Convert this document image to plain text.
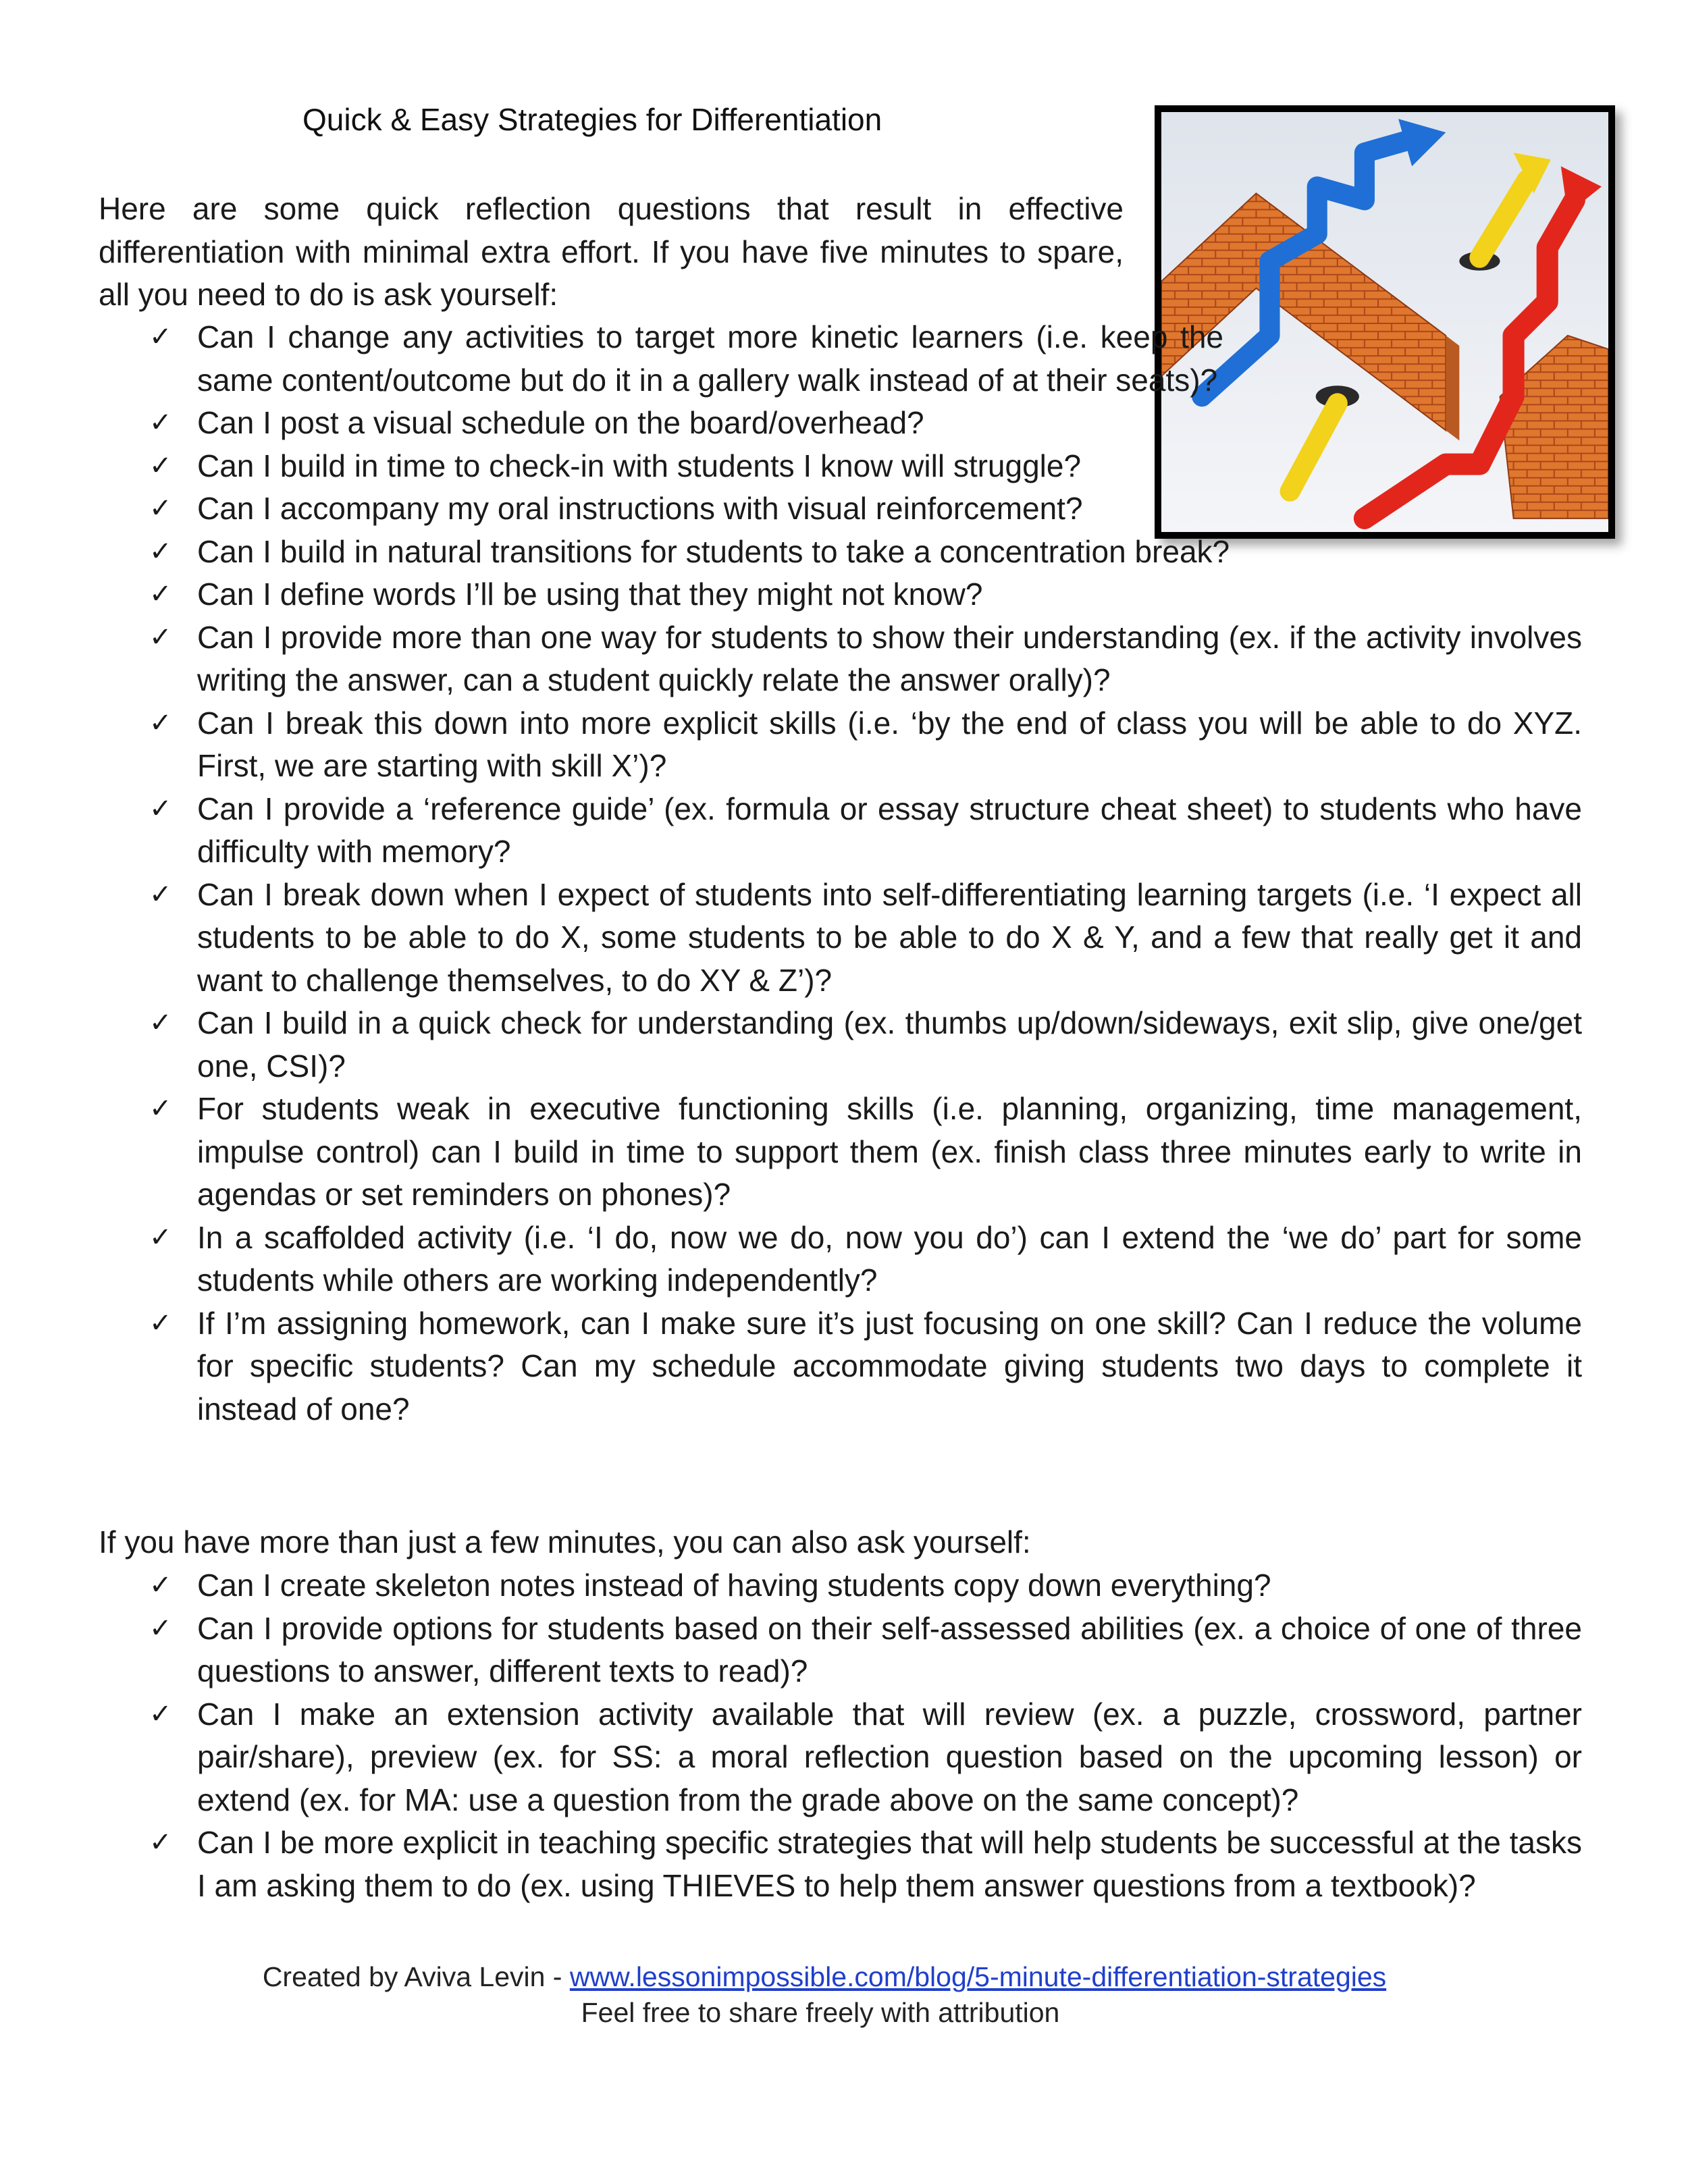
Quick & Easy Strategies for Differentiation

Here are some quick reflection questions that result in effective differentiation with minimal extra effort. If you have five minutes to spare, all you need to do is ask yourself:

✓ Can I change any activities to target more kinetic learners (i.e. keep the same content/outcome but do it in a gallery walk instead of at their seats)?
✓ Can I post a visual schedule on the board/overhead?
✓ Can I build in time to check-in with students I know will struggle?
✓ Can I accompany my oral instructions with visual reinforcement?
✓ Can I build in natural transitions for students to take a concentration break?
✓ Can I define words I’ll be using that they might not know?
✓ Can I provide more than one way for students to show their understanding (ex. if the activity involves writing the answer, can a student quickly relate the answer orally)?
✓ Can I break this down into more explicit skills (i.e. ‘by the end of class you will be able to do XYZ. First, we are starting with skill X’)?
✓ Can I provide a ‘reference guide’ (ex. formula or essay structure cheat sheet) to students who have difficulty with memory?
✓ Can I break down when I expect of students into self-differentiating learning targets (i.e. ‘I expect all students to be able to do X, some students to be able to do X & Y, and a few that really get it and want to challenge themselves, to do XY & Z’)?
✓ Can I build in a quick check for understanding (ex. thumbs up/down/sideways, exit slip, give one/get one, CSI)?
✓ For students weak in executive functioning skills (i.e. planning, organizing, time management, impulse control) can I build in time to support them (ex. finish class three minutes early to write in agendas or set reminders on phones)?
✓ In a scaffolded activity (i.e. ‘I do, now we do, now you do’) can I extend the ‘we do’ part for some students while others are working independently?
✓ If I’m assigning homework, can I make sure it’s just focusing on one skill? Can I reduce the volume for specific students? Can my schedule accommodate giving students two days to complete it instead of one?

If you have more than just a few minutes, you can also ask yourself:

✓ Can I create skeleton notes instead of having students copy down everything?
✓ Can I provide options for students based on their self-assessed abilities (ex. a choice of one of three questions to answer, different texts to read)?
✓ Can I make an extension activity available that will review (ex. a puzzle, crossword, partner pair/share), preview (ex. for SS: a moral reflection question based on the upcoming lesson) or extend (ex. for MA: use a question from the grade above on the same concept)?
✓ Can I be more explicit in teaching specific strategies that will help students be successful at the tasks I am asking them to do (ex. using THIEVES to help them answer questions from a textbook)?

Created by Aviva Levin - www.lessonimpossible.com/blog/5-minute-differentiation-strategies

Feel free to share freely with attribution
